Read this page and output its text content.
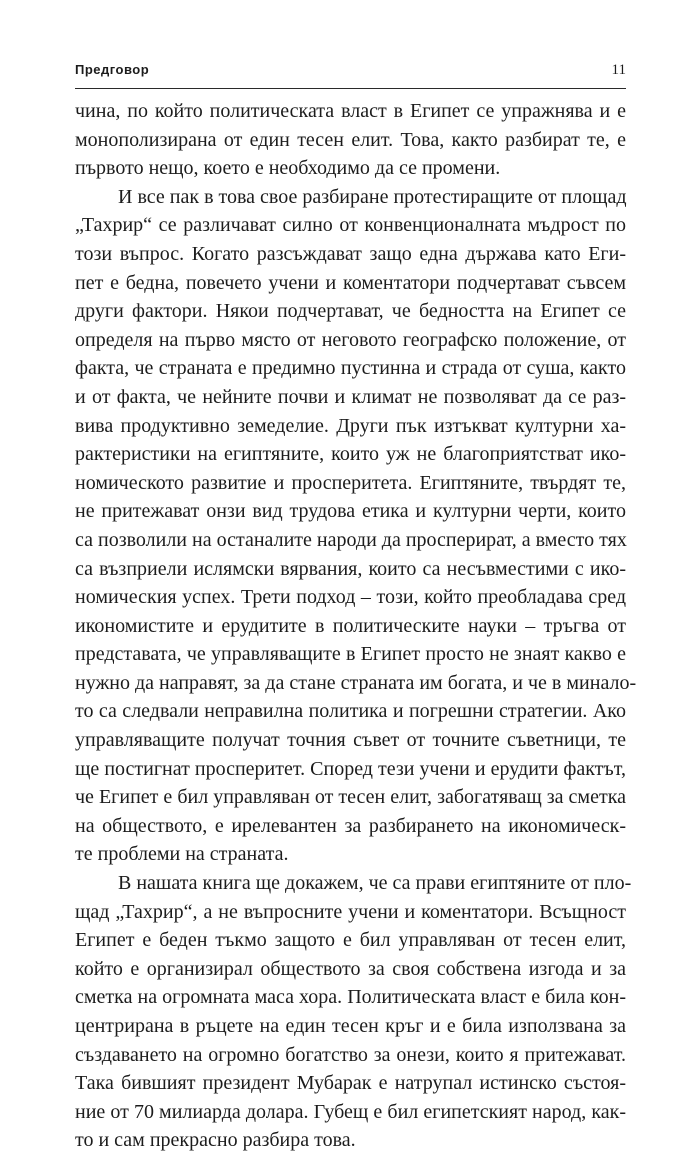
Предговор	11
чина, по който политическата власт в Египет се упражнява и е
монополизирана от един тесен елит. Това, както разбират те, е
първото нещо, което е необходимо да се промени.
И все пак в това свое разбиране протестиращите от площад
„Тахрир“ се различават силно от конвенционалната мъдрост по
този въпрос. Когато разсъждават защо една държава като Еги-
пет е бедна, повечето учени и коментатори подчертават съвсем
други фактори. Някои подчертават, че бедността на Египет се
определя на първо място от неговото географско положение, от
факта, че страната е предимно пустинна и страда от суша, както
и от факта, че нейните почви и климат не позволяват да се раз-
вива продуктивно земеделие. Други пък изтъкват културни ха-
рактеристики на египтяните, които уж не благоприятстват ико-
номическото развитие и просперитета. Египтяните, твърдят те,
не притежават онзи вид трудова етика и културни черти, които
са позволили на останалите народи да просперират, а вместо тях
са възприели ислямски вярвания, които са несъвместими с ико-
номическия успех. Трети подход – този, който преобладава сред
икономистите и ерудитите в политическите науки – тръгва от
представата, че управляващите в Египет просто не знаят какво е
нужно да направят, за да стане страната им богата, и че в минало-
то са следвали неправилна политика и погрешни стратегии. Ако
управляващите получат точния съвет от точните съветници, те
ще постигнат просперитет. Според тези учени и ерудити фактът,
че Египет е бил управляван от тесен елит, забогатяващ за сметка
на обществото, е ирелевантен за разбирането на икономическ-
те проблеми на страната.
В нашата книга ще докажем, че са прави египтяните от пло-
щад „Тахрир“, а не въпросните учени и коментатори. Всъщност
Египет е беден тъкмо защото е бил управляван от тесен елит,
който е организирал обществото за своя собствена изгода и за
сметка на огромната маса хора. Политическата власт е била кон-
центрирана в ръцете на един тесен кръг и е била използвана за
създаването на огромно богатство за онези, които я притежават.
Така бившият президент Мубарак е натрупал истинско състоя-
ние от 70 милиарда долара. Губещ е бил египетският народ, как-
то и сам прекрасно разбира това.
